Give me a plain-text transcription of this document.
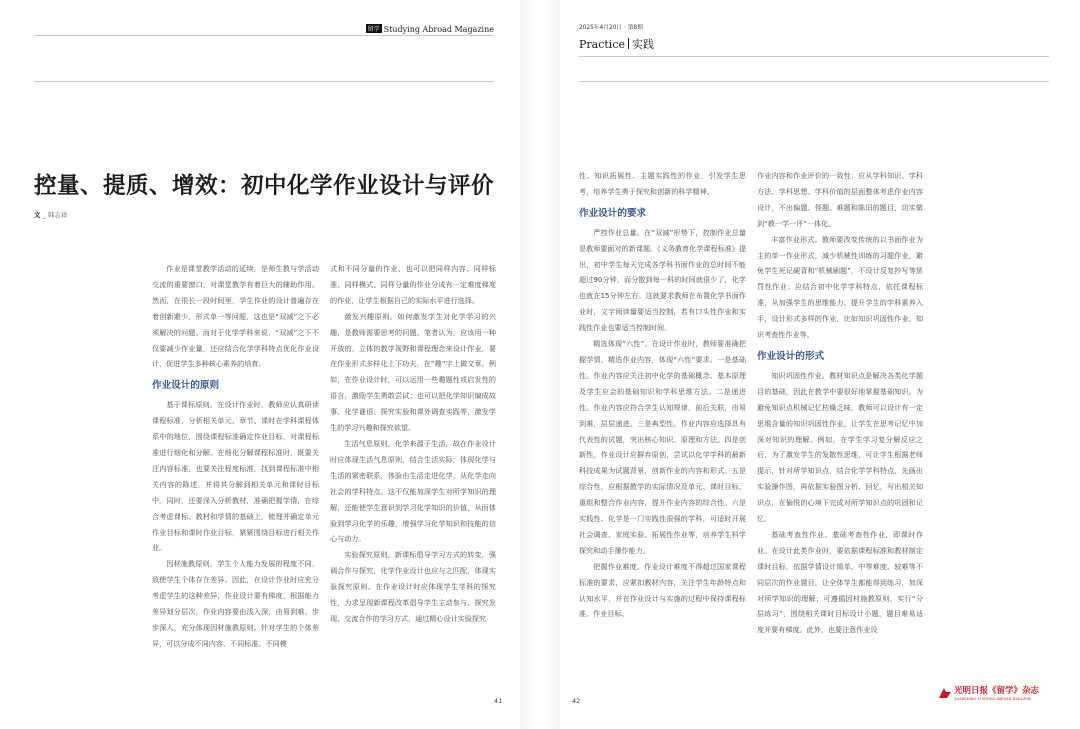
留学 Studying Abroad Magazine
控量、提质、增效：初中化学作业设计与评价
文 _ 韩志祥

作业是课堂教学活动的延续，是师生教与学活动交流的重要窗口，对课堂教学有着巨大的辅助作用。然而，在很长一段时间里，学生作业的设计普遍存在着创新避少、形式单一等问题，这也是“双减”之下必须解决的问题。而对于化学学科来说，“双减”之下不仅要减少作业量，还应结合化学学科特点优化作业设计，促进学生多种核心素养的培育。

作业设计的原则

基于课标原则。在设计作业时，教师应认真研读课程标准，分析相关单元、章节、课时在学科课程体系中的地位，围绕课程标准确定作业目标，对课程标准进行细化和分解。在细化分解课程标准时，既要关注内容标准，也要关注程度标准，找到课程标准中相关内容的陈述，并将其分解到相关单元和课时目标中。同时，还要深入分析教材，准确把握学情，在综合考虑课标、教材和学情的基础上，梳理并确定单元作业目标和课时作业目标，紧紧围绕目标进行相关作业。

因材施教原则。学生个人能力发展的程度不同，致使学生个体存在差异。因此，在设计作业时应充分考虑学生的这种差异，作业设计要有梯度，根据能力差异划分层次，作业内容要由浅入深，由易到难、步步深入，充分体现因材施教原则。针对学生的个体差异，可以分成不同内容、不同标准、不同模

式和不同分量的作业，也可以把同样内容、同样标准、同样模式、同样分量的作业分成有一定难度梯度的作业，让学生根据自己的实际水平进行选择。

激发兴趣原则。如何激发学生对化学学习的兴趣，是教师需要思考的问题。笔者认为，应该用一种开放的、立体的教学视野和课程理念来设计作业，要在作业形式多样化上下功夫，在“趣”字上做文章。例如，在作业设计时，可以运用一些趣题性或启发性的语言，激励学生勇敢尝试；也可以把化学知识编成故事、化学谜语、探究实验和课外调查实践等，激发学生的学习兴趣和探究欲望。

生活气息原则。化学来源于生活，故在作业设计时应体现生活气息原则，结合生活实际，体现化学与生活的紧密联系，体验由生活走进化学，从化学走向社会的学科特点。这不仅能加深学生对所学知识的理解，还能使学生意识到学习化学知识的价值，从而体验到学习化学的乐趣，增强学习化学知识和技能的信心与动力。

实验探究原则。新课标倡导学习方式的转变，强调合作与探究，化学作业设计也应与之匹配，体现实验探究原则。在作业设计时应体现学生学科的探究性，力求呈现新课程改革倡导学生主动参与、探究发现、交流合作的学习方式，通过精心设计实验探究

41
2025年4月20日 · 第8期
Practice 实践

性、知识拓展性、主题实践性的作业，引发学生思考，培养学生勇于探究和创新的科学精神。

作业设计的要求

严控作业总量。在“双减”形势下，控制作业总量是教师要面对的新课题。《义务教育化学课程标准》提出，初中学生每天完成各学科书面作业的总时间不能超过90分钟，而分散到每一科的时间就很少了，化学也就在15分钟左右。这就要求教师在布置化学书面作业时，文字阅读量要适当控制，若有口头性作业和实践性作业也要适当控制时间。

精选体现“六性”。在设计作业时，教师要准确把握学情，精选作业内容，体现“六性”要求。一是基础性。作业内容应关注初中化学的基础概念、基本原理及学生应会的基础知识和学科思维方法。二是递进性。作业内容应符合学生认知规律，前后关联，由易到难，层层递进。三是典型性。作业内容应选择具有代表性的试题，突出核心知识、原理和方法。四是创新性。作业设计应摒弃原创，尝试以化学学科的最新科技成果为试题背景，创新作业的内容和形式。五是综合性，应根据教学的实际情况及单元、课时目标，重组和整合作业内容，提升作业内容的综合性。六是实践性。化学是一门实践性很强的学科，可适时开展社会调查、家庭实验、拓展性作业等，培养学生科学探究和动手操作能力。

把握作业难度。作业设计难度不得超过国家课程标准的要求，应紧扣教材内容，关注学生年龄特点和认知水平，并在作业设计与实施的过程中保持课程标准、作业目标、

作业内容和作业评价的一致性；应从学科知识、学科方法、学科思想、学科价值的层面整体考虑作业内容设计，不出偏题、怪题、难题和陈旧的题目，切实做到“教一学一评”一体化。

丰富作业形式。教师要改变传统的以书面作业为主的单一作业形式，减少机械性训练的习题作业，避免学生死记硬背和“机械刷题”，不设计反复抄写等惩罚性作业；应结合初中化学学科特点，依托课程标准，从加强学生的思维能力、提升学生的学科素养入手，设计形式多样的作业，比如知识巩固性作业、知识考查性作业等。

作业设计的形式

知识巩固性作业。教材知识点是解决各类化学题目的基础，因此在教学中要很好地掌握基础知识。为避免知识点机械记忆枯燥乏味，教师可以设计有一定思维含量的知识巩固性作业，让学生在思考记忆中加深对知识的理解。例如，在学生学习复分解反应之后，为了激发学生的发散性思维，可让学生根据老师提示，针对所学知识点，结合化学学科特点，先画出实验操作图，再依据实验图分析、回忆，写出相关知识点，在愉悦的心境下完成对所学知识点的巩固和记忆。

基础考查性作业。基础考查性作业，即课时作业。在设计此类作业时，要依据课程标准和教材制定课时目标，依据学情设计简单、中等难度、较难等不同层次的作业题目，让全体学生都能得到练习，加深对所学知识的理解；可遵循因材施教原则，实行“分层练习”，围绕相关课时目标设计小题，题目难易适度并要有梯度。此外，也要注意作业设

42
光明日报《留学》杂志
GUANGMING STUDYING ABROAD MAGAZINE
